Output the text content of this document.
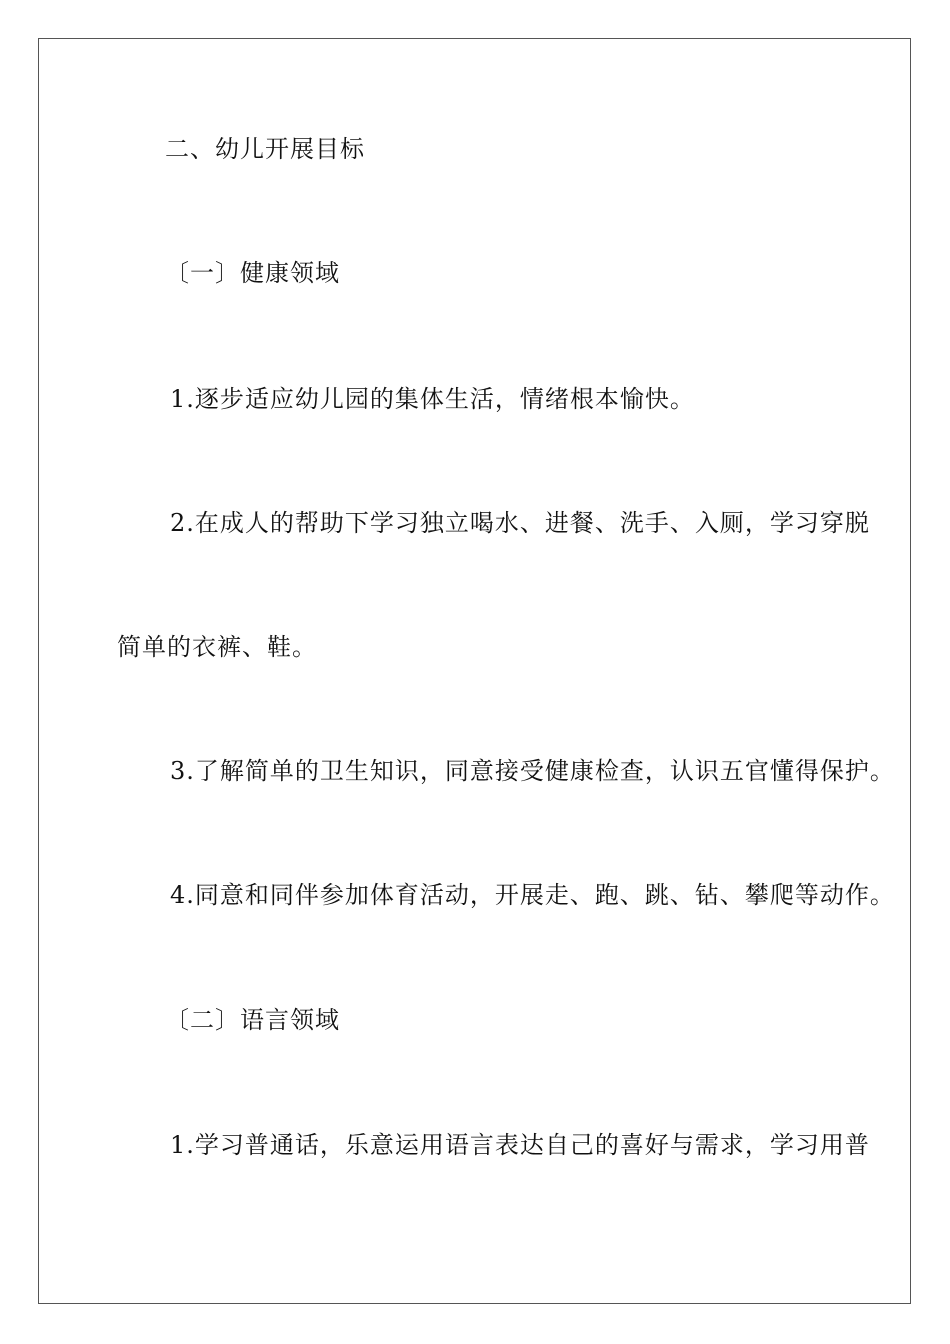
二、幼儿开展目标
〔一〕健康领域
1.逐步适应幼儿园的集体生活，情绪根本愉快。
2.在成人的帮助下学习独立喝水、进餐、洗手、入厕，学习穿脱
简单的衣裤、鞋。
3.了解简单的卫生知识，同意接受健康检查，认识五官懂得保护。
4.同意和同伴参加体育活动，开展走、跑、跳、钻、攀爬等动作。
〔二〕语言领域
1.学习普通话，乐意运用语言表达自己的喜好与需求，学习用普
